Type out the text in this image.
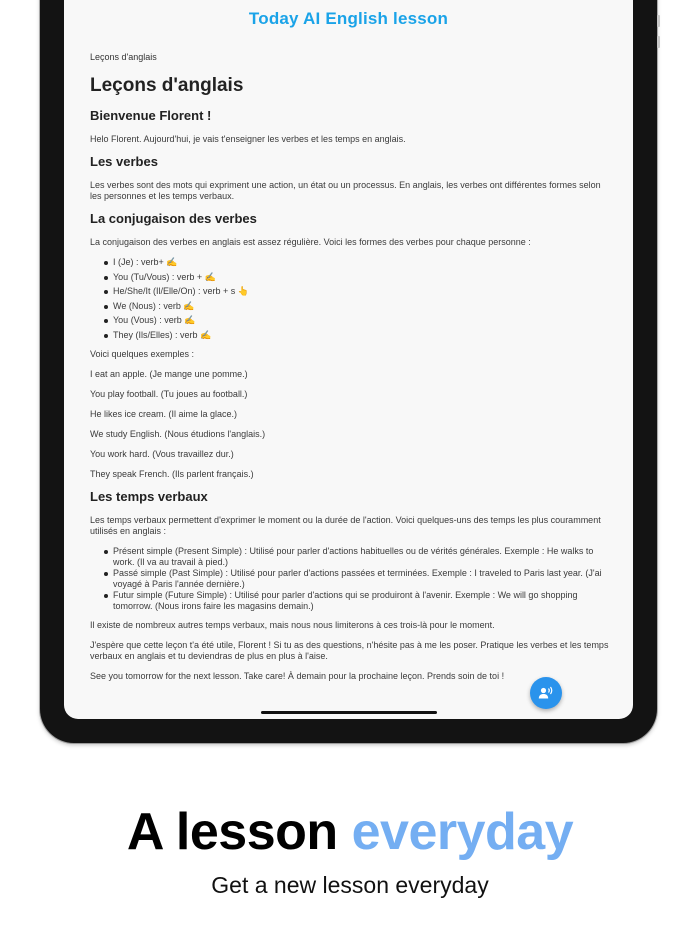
Today AI English lesson
Leçons d'anglais
Leçons d'anglais
Bienvenue Florent !
Helo Florent. Aujourd'hui, je vais t'enseigner les verbes et les temps en anglais.
Les verbes
Les verbes sont des mots qui expriment une action, un état ou un processus. En anglais, les verbes ont différentes formes selon les personnes et les temps verbaux.
La conjugaison des verbes
La conjugaison des verbes en anglais est assez régulière. Voici les formes des verbes pour chaque personne :
I (Je) : verb+ ✍
You (Tu/Vous) : verb + ✍
He/She/It (Il/Elle/On) : verb + s 👆
We (Nous) : verb ✍
You (Vous) : verb ✍
They (Ils/Elles) : verb ✍
Voici quelques exemples :
I eat an apple. (Je mange une pomme.)
You play football. (Tu joues au football.)
He likes ice cream. (Il aime la glace.)
We study English. (Nous étudions l'anglais.)
You work hard. (Vous travaillez dur.)
They speak French. (Ils parlent français.)
Les temps verbaux
Les temps verbaux permettent d'exprimer le moment ou la durée de l'action. Voici quelques-uns des temps les plus couramment utilisés en anglais :
Présent simple (Present Simple) : Utilisé pour parler d'actions habituelles ou de vérités générales. Exemple : He walks to work. (Il va au travail à pied.)
Passé simple (Past Simple) : Utilisé pour parler d'actions passées et terminées. Exemple : I traveled to Paris last year. (J'ai voyagé à Paris l'année dernière.)
Futur simple (Future Simple) : Utilisé pour parler d'actions qui se produiront à l'avenir. Exemple : We will go shopping tomorrow. (Nous irons faire les magasins demain.)
Il existe de nombreux autres temps verbaux, mais nous nous limiterons à ces trois-là pour le moment.
J'espère que cette leçon t'a été utile, Florent ! Si tu as des questions, n'hésite pas à me les poser. Pratique les verbes et les temps verbaux en anglais et tu deviendras de plus en plus à l'aise.
See you tomorrow for the next lesson. Take care! À demain pour la prochaine leçon. Prends soin de toi !
A lesson everyday
Get a new lesson everyday
